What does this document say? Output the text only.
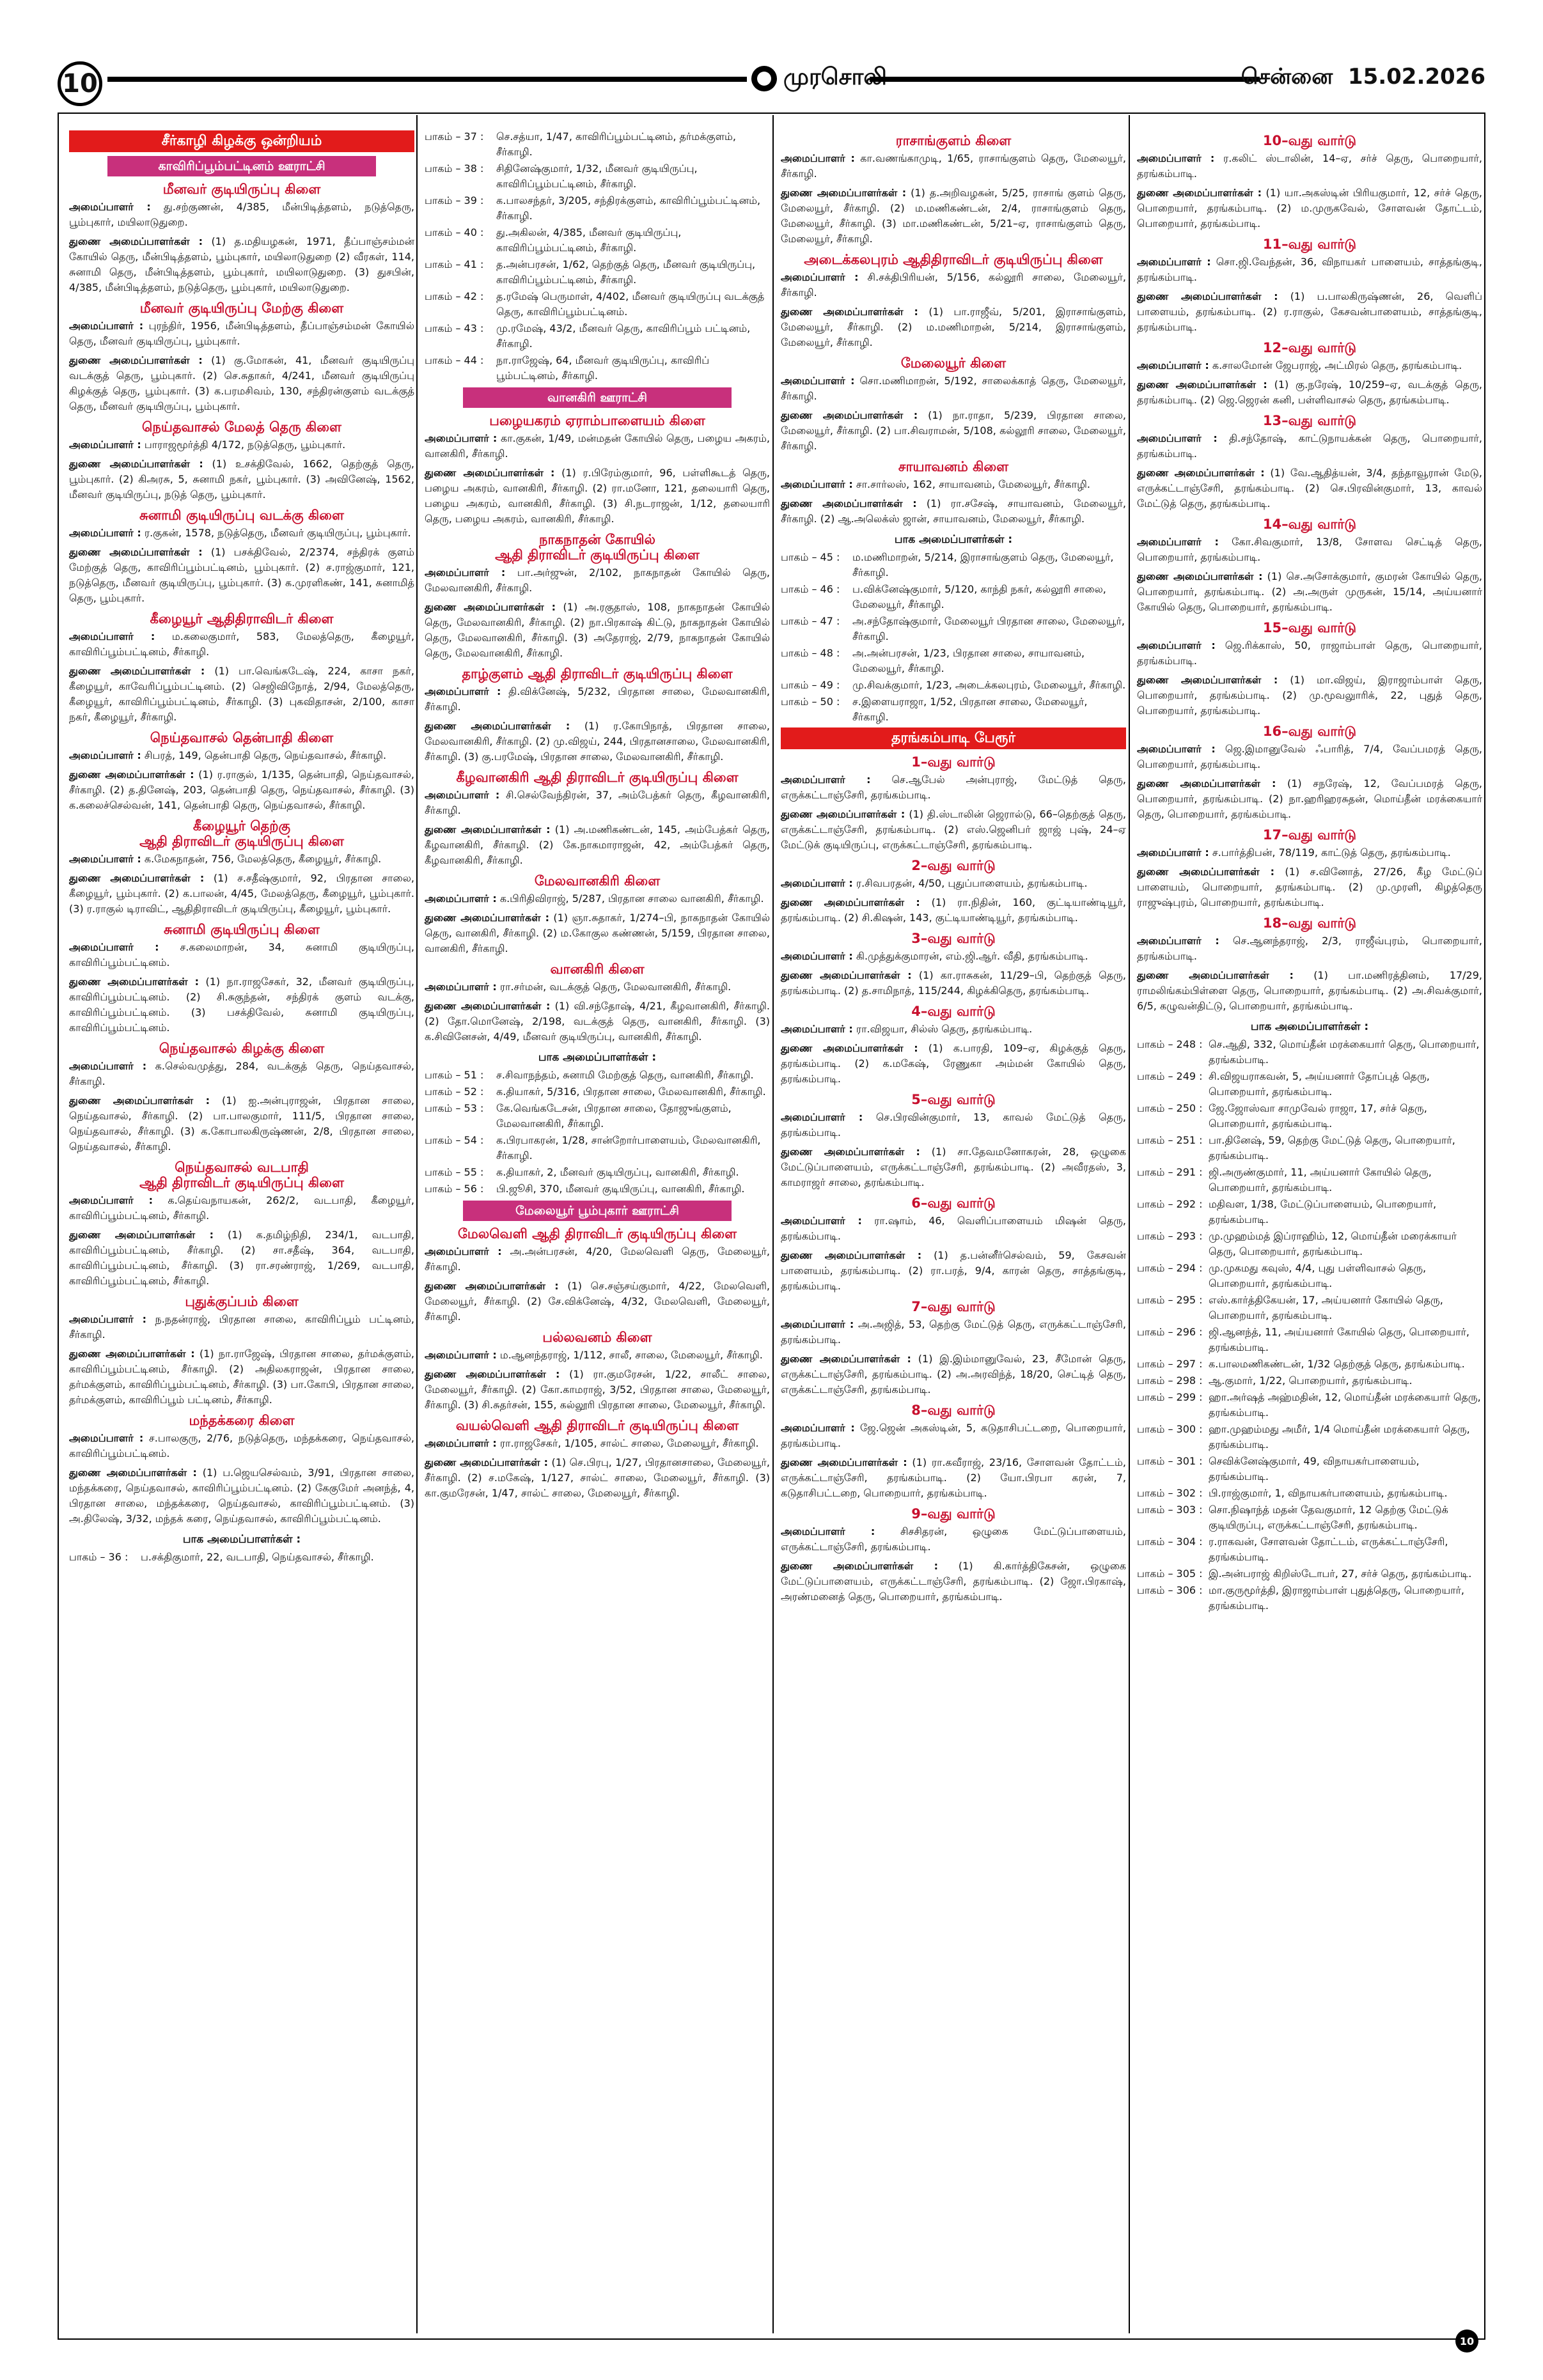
10	முரசொலி	சென்னை 15.02.2026
சீர்காழி கிழக்கு ஒன்றியம்
காவிரிப்பூம்பட்டினம் ஊராட்சி
மீனவர் குடியிருப்பு கிளை
அமைப்பாளர் : து.சற்குணன், 4/385, மீன்பிடித்தளம், நடுத்தெரு, பூம்புகார், மயிலாடுதுறை.
துணை அமைப்பாளர்கள் : (1) த.மதியழகன், 1971, தீப்பாஞ்சம்மன் கோயில் தெரு, மீன்பிடித்தளம், பூம்புகார், மயிலாடுதுறை (2) வீரகள், 114, சுனாமி தெரு, மீன்பிடித்தளம், பூம்புகார், மயிலாடுதுறை. (3) துசபின், 4/385, மீன்பிடித்தளம், நடுத்தெரு, பூம்புகார், மயிலாடுதுறை.
மீனவர் குடியிருப்பு மேற்கு கிளை
அமைப்பாளர் : புரந்திர், 1956, மீன்பிடித்தளம், தீப்பாஞ்சம்மன் கோயில் தெரு, மீனவர் குடியிருப்பு, பூம்புகார்.
துணை அமைப்பாளர்கள் : (1) கு.மோகன், 41, மீனவர் குடியிருப்பு வடக்குத் தெரு, பூம்புகார். (2) செ.சுதாகர், 4/241, மீனவர் குடியிருப்பு கிழக்குத் தெரு, பூம்புகார். (3) க.பரமசிவம், 130, சந்திரன்குளம் வடக்குத் தெரு, மீனவர் குடியிருப்பு, பூம்புகார்.
நெய்தவாசல் மேலத் தெரு கிளை
அமைப்பாளர் : பாராஜமூர்த்தி 4/172, நடுத்தெரு, பூம்புகார்.
துணை அமைப்பாளர்கள் : (1) உசக்திவேல், 1662, தெற்குத் தெரு, பூம்புகார். (2) கிஅரசு, 5, சுனாமி நகர், பூம்புகார். (3) அவினேஷ், 1562, மீனவர் குடியிருப்பு, நடுத் தெரு, பூம்புகார்.
சுனாமி குடியிருப்பு வடக்கு கிளை
அமைப்பாளர் : ர.குகன், 1578, நடுத்தெரு, மீனவர் குடியிருப்பு, பூம்புகார்.
துணை அமைப்பாளர்கள் : (1) பசக்திவேல், 2/2374, சந்திரக் குளம் மேற்குத் தெரு, காவிரிப்பூம்பட்டினம், பூம்புகார். (2) ச.ராஜ்குமார், 121, நடுத்தெரு, மீனவர் குடியிருப்பு, பூம்புகார். (3) க.முரளிகண், 141, சுனாமித் தெரு, பூம்புகார்.
கீழையூர் ஆதிதிராவிடர் கிளை
அமைப்பாளர் : ம.கலைகுமார், 583, மேலத்தெரு, கீழையூர், காவிரிப்பூம்பட்டினம், சீர்காழி.
துணை அமைப்பாளர்கள் : (1) பா.வெங்கடேஷ், 224, காசா நகர், கீழையூர், காவேரிப்பூம்பட்டினம். (2) செஜிவிநோத், 2/94, மேலத்தெரு, கீழையூர், காவிரிப்பூம்பட்டினம், சீர்காழி. (3) புகவிதாசன், 2/100, காசா நகர், கீழையூர், சீர்காழி.
நெய்தவாசல் தென்பாதி கிளை
அமைப்பாளர் : சிபரத், 149, தென்பாதி தெரு, நெய்தவாசல், சீர்காழி.
துணை அமைப்பாளர்கள் : (1) ர.ராகுல், 1/135, தென்பாதி, நெய்தவாசல், சீர்காழி. (2) த.தினேஷ், 203, தென்பாதி தெரு, நெய்தவாசல், சீர்காழி. (3) க.கலைச்செல்வன், 141, தென்பாதி தெரு, நெய்தவாசல், சீர்காழி.
கீழையூர் தெற்கு
ஆதி திராவிடர் குடியிருப்பு கிளை
அமைப்பாளர் : க.மேகநாதன், 756, மேலத்தெரு, கீழையூர், சீர்காழி.
துணை அமைப்பாளர்கள் : (1) ச.சதீஷ்குமார், 92, பிரதான சாலை, கீழையூர், பூம்புகார். (2) க.பாலன், 4/45, மேலத்தெரு, கீழையூர், பூம்புகார். (3) ர.ராகுல் டிராவிட், ஆதிதிராவிடர் குடியிருப்பு, கீழையூர், பூம்புகார்.
சுனாமி குடியிருப்பு கிளை
அமைப்பாளர் : ச.கலைமாறன், 34, சுனாமி குடியிருப்பு, காவிரிப்பூம்பட்டினம்.
துணை அமைப்பாளர்கள் : (1) நா.ராஜசேகர், 32, மீனவர் குடியிருப்பு, காவிரிப்பூம்பட்டினம். (2) சி.சுகுந்தன், சந்திரக் குளம் வடக்கு, காவிரிப்பூம்பட்டினம். (3) பசக்திவேல், சுனாமி குடியிருப்பு, காவிரிப்பூம்பட்டினம்.
நெய்தவாசல் கிழக்கு கிளை
அமைப்பாளர் : க.செல்வமுத்து, 284, வடக்குத் தெரு, நெய்தவாசல், சீர்காழி.
துணை அமைப்பாளர்கள் : (1) ஐ.அன்புராஜன், பிரதான சாலை, நெய்தவாசல், சீர்காழி. (2) பா.பாலகுமார், 111/5, பிரதான சாலை, நெய்தவாசல், சீர்காழி. (3) க.கோபாலகிருஷ்ணன், 2/8, பிரதான சாலை, நெய்தவாசல், சீர்காழி.
நெய்தவாசல் வடபாதி
ஆதி திராவிடர் குடியிருப்பு கிளை
அமைப்பாளர் : க.தெய்வநாயகன், 262/2, வடபாதி, கீழையூர், காவிரிப்பூம்பட்டினம், சீர்காழி.
துணை அமைப்பாளர்கள் : (1) க.தமிழ்நிதி, 234/1, வடபாதி, காவிரிப்பூம்பட்டினம், சீர்காழி. (2) சா.சதீஷ், 364, வடபாதி, காவிரிப்பூம்பட்டினம், சீர்காழி. (3) ரா.சரண்ராஜ், 1/269, வடபாதி, காவிரிப்பூம்பட்டினம், சீர்காழி.
புதுக்குப்பம் கிளை
அமைப்பாளர் : ந.நதன்ராஜ், பிரதான சாலை, காவிரிப்பூம் பட்டினம், சீர்காழி.
துணை அமைப்பாளர்கள் : (1) நா.ராஜேஷ், பிரதான சாலை, தர்மக்குளம், காவிரிப்பூம்பட்டினம், சீர்காழி. (2) அதிலகராஜன், பிரதான சாலை, தர்மக்குளம், காவிரிப்பூம்பட்டினம், சீர்காழி. (3) பா.கோபி, பிரதான சாலை, தர்மக்குளம், காவிரிப்பூம் பட்டினம், சீர்காழி.
மந்தக்கரை கிளை
அமைப்பாளர் : ச.பாலகுரு, 2/76, நடுத்தெரு, மந்தக்கரை, நெய்தவாசல், காவிரிப்பூம்பட்டினம்.
துணை அமைப்பாளர்கள் : (1) ப.ஜெயசெல்வம், 3/91, பிரதான சாலை, மந்தக்கரை, நெய்தவாசல், காவிரிப்பூம்பட்டினம். (2) கேகுமேர் அனந்த், 4, பிரதான சாலை, மந்தக்கரை, நெய்தவாசல், காவிரிப்பூம்பட்டினம். (3) அ.திலேஷ், 3/32, மந்தக் கரை, நெய்தவாசல், காவிரிப்பூம்பட்டினம்.
பாக அமைப்பாளர்கள் :
பாகம் – 36 :	ப.சக்திகுமார், 22, வடபாதி, நெய்தவாசல், சீர்காழி.
பாகம் – 37 :	செ.சத்யா, 1/47, காவிரிப்பூம்பட்டினம், தர்மக்குளம், சீர்காழி.
பாகம் – 38 :	சிதினேஷ்குமார், 1/32, மீனவர் குடியிருப்பு, காவிரிப்பூம்பட்டினம், சீர்காழி.
பாகம் – 39 :	க.பாலசந்தர், 3/205, சந்திரக்குளம், காவிரிப்பூம்பட்டினம், சீர்காழி.
பாகம் – 40 :	து.அகிலன், 4/385, மீனவர் குடியிருப்பு, காவிரிப்பூம்பட்டினம், சீர்காழி.
பாகம் – 41 :	த.அன்பரசன், 1/62, தெற்குத் தெரு, மீனவர் குடியிருப்பு, காவிரிப்பூம்பட்டினம், சீர்காழி.
பாகம் – 42 :	த.ரமேஷ் பெருமாள், 4/402, மீனவர் குடியிருப்பு வடக்குத் தெரு, காவிரிப்பூம்பட்டினம்.
பாகம் – 43 :	மு.ரமேஷ், 43/2, மீனவர் தெரு, காவிரிப்பூம் பட்டினம், சீர்காழி.
பாகம் – 44 :	நா.ராஜேஷ், 64, மீனவர் குடியிருப்பு, காவிரிப் பூம்பட்டினம், சீர்காழி.
வானகிரி ஊராட்சி
பழையகரம் ஏராம்பாளையம் கிளை
அமைப்பாளர் : கா.குகன், 1/49, மன்மதன் கோயில் தெரு, பழைய அகரம், வானகிரி, சீர்காழி.
துணை அமைப்பாளர்கள் : (1) ர.பிரேம்குமார், 96, பள்ளிகூடத் தெரு, பழைய அகரம், வானகிரி, சீர்காழி. (2) ரா.மனோ, 121, தலையாரி தெரு, பழைய அகரம், வானகிரி, சீர்காழி. (3) சி.நடராஜன், 1/12, தலையாரி தெரு, பழைய அகரம், வானகிரி, சீர்காழி.
நாகநாதன் கோயில்
ஆதி திராவிடர் குடியிருப்பு கிளை
அமைப்பாளர் : பா.அர்ஜுன், 2/102, நாகநாதன் கோயில் தெரு, மேலவானகிரி, சீர்காழி.
துணை அமைப்பாளர்கள் : (1) அ.ரகுதாஸ், 108, நாகநாதன் கோயில் தெரு, மேலவானகிரி, சீர்காழி. (2) நா.பிரகாஷ் கிட்டு, நாகநாதன் கோயில் தெரு, மேலவானகிரி, சீர்காழி. (3) அதேராஜ், 2/79, நாகநாதன் கோயில் தெரு, மேலவானகிரி, சீர்காழி.
தாழ்குளம் ஆதி திராவிடர் குடியிருப்பு கிளை
அமைப்பாளர் : தி.விக்னேஷ், 5/232, பிரதான சாலை, மேலவானகிரி, சீர்காழி.
துணை அமைப்பாளர்கள் : (1) ர.கோபிநாத், பிரதான சாலை, மேலவானகிரி, சீர்காழி. (2) மு.விஜய், 244, பிரதானசாலை, மேலவானகிரி, சீர்காழி. (3) கு.பரமேஷ், பிரதான சாலை, மேலவானகிரி, சீர்காழி.
கீழவானகிரி ஆதி திராவிடர் குடியிருப்பு கிளை
அமைப்பாளர் : சி.செல்வேந்திரன், 37, அம்பேத்கர் தெரு, கீழவானகிரி, சீர்காழி.
துணை அமைப்பாளர்கள் : (1) அ.மணிகண்டன், 145, அம்பேத்கர் தெரு, கீழவானகிரி, சீர்காழி. (2) கே.நாகமாராஜன், 42, அம்பேத்கர் தெரு, கீழவானகிரி, சீர்காழி.
மேலவானகிரி கிளை
அமைப்பாளர் : க.பிரிதிவிராஜ், 5/287, பிரதான சாலை வானகிரி, சீர்காழி.
துணை அமைப்பாளர்கள் : (1) ஞா.சுதாகர், 1/274–பி, நாகநாதன் கோயில் தெரு, வானகிரி, சீர்காழி. (2) ம.கோகுல கண்ணன், 5/159, பிரதான சாலை, வானகிரி, சீர்காழி.
வானகிரி கிளை
அமைப்பாளர் : ரா.சர்மன், வடக்குத் தெரு, மேலவானகிரி, சீர்காழி.
துணை அமைப்பாளர்கள் : (1) வி.சந்தோஷ், 4/21, கீழவானகிரி, சீர்காழி. (2) தோ.மொனேஷ், 2/198, வடக்குத் தெரு, வானகிரி, சீர்காழி. (3) க.சிவினேசன், 4/49, மீனவர் குடியிருப்பு, வானகிரி, சீர்காழி.
பாக அமைப்பாளர்கள் :
பாகம் – 51 :	ச.சிவாநந்தம், சுனாமி மேற்குத் தெரு, வானகிரி, சீர்காழி.
பாகம் – 52 :	க.தியாகர், 5/316, பிரதான சாலை, மேலவானகிரி, சீர்காழி.
பாகம் – 53 :	கே.வெங்கடேசன், பிரதான சாலை, தோஜுங்குளம், மேலவானகிரி, சீர்காழி.
பாகம் – 54 :	க.பிரபாகரன், 1/28, சான்றோர்பாளையம், மேலவானகிரி, சீர்காழி.
பாகம் – 55 :	க.தியாகர், 2, மீனவர் குடியிருப்பு, வானகிரி, சீர்காழி.
பாகம் – 56 :	பி.ஜூசி, 370, மீனவர் குடியிருப்பு, வானகிரி, சீர்காழி.
மேலையூர் பூம்புகார் ஊராட்சி
மேலவெளி ஆதி திராவிடர் குடியிருப்பு கிளை
அமைப்பாளர் : அ.அன்பரசன், 4/20, மேலவெளி தெரு, மேலையூர், சீர்காழி.
துணை அமைப்பாளர்கள் : (1) செ.சஞ்சய்குமார், 4/22, மேலவெளி, மேலையூர், சீர்காழி. (2) சே.விக்னேஷ், 4/32, மேலவெளி, மேலையூர், சீர்காழி.
பல்லவனம் கிளை
அமைப்பாளர் : ம.ஆனந்தராஜ், 1/112, சாலீ, சாலை, மேலையூர், சீர்காழி.
துணை அமைப்பாளர்கள் : (1) ரா.குமரேசன், 1/22, சாலீட் சாலை, மேலையூர், சீர்காழி. (2) கோ.காமராஜ், 3/52, பிரதான சாலை, மேலையூர், சீர்காழி. (3) சி.சுதர்சன், 155, கல்லூரி பிரதான சாலை, மேலையூர், சீர்காழி.
வயல்வெளி ஆதி திராவிடர் குடியிருப்பு கிளை
அமைப்பாளர் : ரா.ராஜசேகர், 1/105, சால்ட் சாலை, மேலையூர், சீர்காழி.
துணை அமைப்பாளர்கள் : (1) செ.பிரபு, 1/27, பிரதானசாலை, மேலையூர், சீர்காழி. (2) ச.மகேஷ், 1/127, சால்ட் சாலை, மேலையூர், சீர்காழி. (3) கா.குமரேசன், 1/47, சால்ட் சாலை, மேலையூர், சீர்காழி.
ராசாங்குளம் கிளை
அமைப்பாளர் : கா.வணங்காமுடி, 1/65, ராசாங்குளம் தெரு, மேலையூர், சீர்காழி.
துணை அமைப்பாளர்கள் : (1) த.அறிவழகன், 5/25, ராசாங் குளம் தெரு, மேலையூர், சீர்காழி. (2) ம.மணிகண்டன், 2/4, ராசாங்குளம் தெரு, மேலையூர், சீர்காழி. (3) மா.மணிகண்டன், 5/21–ஏ, ராசாங்குளம் தெரு, மேலையூர், சீர்காழி.
அடைக்கலபுரம் ஆதிதிராவிடர் குடியிருப்பு கிளை
அமைப்பாளர் : சி.சக்திபிரியன், 5/156, கல்லூரி சாலை, மேலையூர், சீர்காழி.
துணை அமைப்பாளர்கள் : (1) பா.ராஜீவ், 5/201, இராசாங்குளம், மேலையூர், சீர்காழி. (2) ம.மணிமாறன், 5/214, இராசாங்குளம், மேலையூர், சீர்காழி.
மேலையூர் கிளை
அமைப்பாளர் : சொ.மணிமாறன், 5/192, சாலைக்காத் தெரு, மேலையூர், சீர்காழி.
துணை அமைப்பாளர்கள் : (1) நா.ராதா, 5/239, பிரதான சாலை, மேலையூர், சீர்காழி. (2) பா.சிவராமன், 5/108, கல்லூரி சாலை, மேலையூர், சீர்காழி.
சாயாவனம் கிளை
அமைப்பாளர் : சா.சார்லஸ், 162, சாயாவனம், மேலையூர், சீர்காழி.
துணை அமைப்பாளர்கள் : (1) ரா.சசேஷ், சாயாவனம், மேலையூர், சீர்காழி. (2) ஆ.அலெக்ஸ் ஜான், சாயாவனம், மேலையூர், சீர்காழி.
பாக அமைப்பாளர்கள் :
பாகம் – 45 :	ம.மணிமாறன், 5/214, இராசாங்குளம் தெரு, மேலையூர், சீர்காழி.
பாகம் – 46 :	ப.விக்னேஷ்குமார், 5/120, காந்தி நகர், கல்லூரி சாலை, மேலையூர், சீர்காழி.
பாகம் – 47 :	அ.சந்தோஷ்குமார், மேலையூர் பிரதான சாலை, மேலையூர், சீர்காழி.
பாகம் – 48 :	அ.அன்பரசன், 1/23, பிரதான சாலை, சாயாவனம், மேலையூர், சீர்காழி.
பாகம் – 49 :	மு.சிவக்குமார், 1/23, அடைக்கலபுரம், மேலையூர், சீர்காழி.
பாகம் – 50 :	ச.இளையராஜா, 1/52, பிரதான சாலை, மேலையூர், சீர்காழி.
தரங்கம்பாடி பேரூர்
1–வது வார்டு
அமைப்பாளர் : செ.ஆபேல் அன்புராஜ், மேட்டுத் தெரு, எருக்கட்டாஞ்சேரி, தரங்கம்பாடி.
துணை அமைப்பாளர்கள் : (1) தி.ஸ்டாலின் ஜெரால்டு, 66–தெற்குத் தெரு, எருக்கட்டாஞ்சேரி, தரங்கம்பாடி. (2) எஸ்.ஜெனிபர் ஜாஜ் புஷ், 24–ஏ மேட்டுக் குடியிருப்பு, எருக்கட்டாஞ்சேரி, தரங்கம்பாடி.
2–வது வார்டு
அமைப்பாளர் : ர.சிவபரதன், 4/50, புதுப்பாளையம், தரங்கம்பாடி.
துணை அமைப்பாளர்கள் : (1) ரா.நிதின், 160, குட்டியாண்டியூர், தரங்கம்பாடி. (2) சி.கிஷன், 143, குட்டியாண்டியூர், தரங்கம்பாடி.
3–வது வார்டு
அமைப்பாளர் : கி.முத்துக்குமாரன், எம்.ஜி.ஆர். வீதி, தரங்கம்பாடி.
துணை அமைப்பாளர்கள் : (1) கா.ராசுகன், 11/29–பி, தெற்குத் தெரு, தரங்கம்பாடி. (2) த.சாமிநாத், 115/244, கிழக்கிதெரு, தரங்கம்பாடி.
4–வது வார்டு
அமைப்பாளர் : ரா.விஜயா, சில்ஸ் தெரு, தரங்கம்பாடி.
துணை அமைப்பாளர்கள் : (1) க.பாரதி, 109–ஏ, கிழக்குத் தெரு, தரங்கம்பாடி. (2) க.மகேஷ், ரேணுகா அம்மன் கோயில் தெரு, தரங்கம்பாடி.
5–வது வார்டு
அமைப்பாளர் : செ.பிரவின்குமார், 13, காவல் மேட்டுத் தெரு, தரங்கம்பாடி.
துணை அமைப்பாளர்கள் : (1) சா.தேவமனோகரன், 28, ஒழுகை மேட்டுப்பாளையம், எருக்கட்டாஞ்சேரி, தரங்கம்பாடி. (2) அவீரதஸ், 3, காமராஜர் சாலை, தரங்கம்பாடி.
6–வது வார்டு
அமைப்பாளர் : ரா.ஷாம், 46, வெளிப்பாளையம் மிஷன் தெரு, தரங்கம்பாடி.
துணை அமைப்பாளர்கள் : (1) த.பன்னீர்செல்வம், 59, கேசவன் பாளையம், தரங்கம்பாடி. (2) ரா.பரத், 9/4, காரன் தெரு, சாத்தங்குடி, தரங்கம்பாடி.
7–வது வார்டு
அமைப்பாளர் : அ.அஜித், 53, தெற்கு மேட்டுத் தெரு, எருக்கட்டாஞ்சேரி, தரங்கம்பாடி.
துணை அமைப்பாளர்கள் : (1) இ.இம்மானுவேல், 23, சீமோன் தெரு, எருக்கட்டாஞ்சேரி, தரங்கம்பாடி. (2) அ.அரவிந்த், 18/20, செட்டித் தெரு, எருக்கட்டாஞ்சேரி, தரங்கம்பாடி.
8–வது வார்டு
அமைப்பாளர் : ஜே.ஜென் அகஸ்டின், 5, கடுதாசிபட்டறை, பொறையார், தரங்கம்பாடி.
துணை அமைப்பாளர்கள் : (1) ரா.கவீராஜ், 23/16, சோளவன் தோட்டம், எருக்கட்டாஞ்சேரி, தரங்கம்பாடி. (2) யோ.பிரபா கரன், 7, கடுதாசிபட்டறை, பொறையார், தரங்கம்பாடி.
9–வது வார்டு
அமைப்பாளர் : சிசசிதரன், ஒழுகை மேட்டுப்பாளையம், எருக்கட்டாஞ்சேரி, தரங்கம்பாடி.
துணை அமைப்பாளர்கள் : (1) கி.கார்த்திகேசன், ஒழுகை மேட்டுப்பாளையம், எருக்கட்டாஞ்சேரி, தரங்கம்பாடி. (2) ஜோ.பிரகாஷ், அரண்மனைத் தெரு, பொறையார், தரங்கம்பாடி.
10–வது வார்டு
அமைப்பாளர் : ர.கலிட் ஸ்டாலின், 14–ஏ, சர்ச் தெரு, பொறையார், தரங்கம்பாடி.
துணை அமைப்பாளர்கள் : (1) யா.அகஸ்டின் பிரியகுமார், 12, சர்ச் தெரு, பொறையார், தரங்கம்பாடி. (2) ம.முருகவேல், சோளவன் தோட்டம், பொறையார், தரங்கம்பாடி.
11–வது வார்டு
அமைப்பாளர் : சொ.ஜி.வேந்தன், 36, விநாயகர் பாளையம், சாத்தங்குடி, தரங்கம்பாடி.
துணை அமைப்பாளர்கள் : (1) ப.பாலகிருஷ்ணன், 26, வெளிப் பாளையம், தரங்கம்பாடி. (2) ர.ராகுல், கேசவன்பாளையம், சாத்தங்குடி, தரங்கம்பாடி.
12–வது வார்டு
அமைப்பாளர் : க.சாலமோன் ஜேபராஜ், அட்மிரல் தெரு, தரங்கம்பாடி.
துணை அமைப்பாளர்கள் : (1) கு.நரேஷ், 10/259–ஏ, வடக்குத் தெரு, தரங்கம்பாடி. (2) ஜெ.ஜெரன் கனி, பள்ளிவாசல் தெரு, தரங்கம்பாடி.
13–வது வார்டு
அமைப்பாளர் : தி.சந்தோஷ், காட்டுநாயக்கன் தெரு, பொறையார், தரங்கம்பாடி.
துணை அமைப்பாளர்கள் : (1) வே.ஆதித்யன், 3/4, தந்தாவூரான் மேடு, எருக்கட்டாஞ்சேரி, தரங்கம்பாடி. (2) செ.பிரவின்குமார், 13, காவல் மேட்டுத் தெரு, தரங்கம்பாடி.
14–வது வார்டு
அமைப்பாளர் : கோ.சிவகுமார், 13/8, சோளவ செட்டித் தெரு, பொறையார், தரங்கம்பாடி.
துணை அமைப்பாளர்கள் : (1) செ.அசோக்குமார், குமரன் கோயில் தெரு, பொறையார், தரங்கம்பாடி. (2) அ.அருள் முருகன், 15/14, அய்யனார் கோயில் தெரு, பொறையார், தரங்கம்பாடி.
15–வது வார்டு
அமைப்பாளர் : ஜெ.ரிக்காஸ், 50, ராஜாம்பாள் தெரு, பொறையார், தரங்கம்பாடி.
துணை அமைப்பாளர்கள் : (1) மா.விஜய், இராஜாம்பாள் தெரு, பொறையார், தரங்கம்பாடி. (2) மு.மூவலுாரிக், 22, புதுத் தெரு, பொறையார், தரங்கம்பாடி.
16–வது வார்டு
அமைப்பாளர் : ஜெ.இமானுவேல் ஃபாரித், 7/4, வேப்பமரத் தெரு, பொறையார், தரங்கம்பாடி.
துணை அமைப்பாளர்கள் : (1) சநரேஷ், 12, வேப்பமரத் தெரு, பொறையார், தரங்கம்பாடி. (2) நா.ஹரிஹரசுதன், மொய்தீன் மரக்கையார் தெரு, பொறையார், தரங்கம்பாடி.
17–வது வார்டு
அமைப்பாளர் : ச.பார்த்திபன், 78/119, காட்டுத் தெரு, தரங்கம்பாடி.
துணை அமைப்பாளர்கள் : (1) ச.வினோத், 27/26, கீழ மேட்டுப் பாளையம், பொறையார், தரங்கம்பாடி. (2) மு.முரளி, கிழத்தெரு ராஜுஷ்புரம், பொறையார், தரங்கம்பாடி.
18–வது வார்டு
அமைப்பாளர் : செ.ஆனந்தராஜ், 2/3, ராஜீவ்புரம், பொறையார், தரங்கம்பாடி.
துணை அமைப்பாளர்கள் : (1) பா.மணிரத்தினம், 17/29, ராமலிங்கம்பிள்ளை தெரு, பொறையார், தரங்கம்பாடி. (2) அ.சிவக்குமார், 6/5, கழுவன்திட்டு, பொறையார், தரங்கம்பாடி.
பாக அமைப்பாளர்கள் :
பாகம் – 248 : செ.ஆதி, 332, மொய்தீன் மரக்கையார் தெரு, பொறையார், தரங்கம்பாடி.
பாகம் – 249 : சி.விஜயராகவன், 5, அய்யனார் தோப்புத் தெரு, பொறையார், தரங்கம்பாடி.
பாகம் – 250 : ஜே.ஜோஸ்வா சாமுவேல் ராஜா, 17, சர்ச் தெரு, பொறையார், தரங்கம்பாடி.
பாகம் – 251 : பா.தினேஷ், 59, தெற்கு மேட்டுத் தெரு, பொறையார், தரங்கம்பாடி.
பாகம் – 291 : ஜி.அருண்குமார், 11, அய்யனார் கோயில் தெரு, பொறையார், தரங்கம்பாடி.
பாகம் – 292 : மதிவள, 1/38, மேட்டுப்பாளையம், பொறையார், தரங்கம்பாடி.
பாகம் – 293 : மு.முஹம்மத் இப்ராஹிம், 12, மொய்தீன் மரைக்காயர் தெரு, பொறையார், தரங்கம்பாடி.
பாகம் – 294 : மு.முகமது கவுஸ், 4/4, புது பள்ளிவாசல் தெரு, பொறையார், தரங்கம்பாடி.
பாகம் – 295 : எஸ்.கார்த்திகேயன், 17, அய்யனார் கோயில் தெரு, பொறையார், தரங்கம்பாடி.
பாகம் – 296 : ஜி.ஆனந்த், 11, அய்யனார் கோயில் தெரு, பொறையார், தரங்கம்பாடி.
பாகம் – 297 : க.பாலமணிகண்டன், 1/32 தெற்குத் தெரு, தரங்கம்பாடி.
பாகம் – 298 : ஆ.குமார், 1/22, பொறையார், தரங்கம்பாடி.
பாகம் – 299 : ஹா.அர்ஷத் அஹ்மதின், 12, மொய்தீன் மரக்கையார் தெரு, தரங்கம்பாடி.
பாகம் – 300 : ஹா.முஹம்மது அமீர், 1/4 மொய்தீன் மரக்கையார் தெரு, தரங்கம்பாடி.
பாகம் – 301 : செவிக்னேஷ்குமார், 49, விநாயகர்பாளையம், தரங்கம்பாடி.
பாகம் – 302 : பி.ராஜ்குமார், 1, விநாயகர்பாளையம், தரங்கம்பாடி.
பாகம் – 303 : சொ.நிஷாந்த் மதன் தேவகுமார், 12 தெற்கு மேட்டுக் குடியிருப்பு, எருக்கட்டாஞ்சேரி, தரங்கம்பாடி.
பாகம் – 304 : ர.ராகவன், சோளவன் தோட்டம், எருக்கட்டாஞ்சேரி, தரங்கம்பாடி.
பாகம் – 305 : இ.அன்பராஜ் கிறிஸ்டோபர், 27, சர்ச் தெரு, தரங்கம்பாடி.
பாகம் – 306 : மா.குருமூர்த்தி, இராஜாம்பாள் புதுத்தெரு, பொறையார், தரங்கம்பாடி.
10
